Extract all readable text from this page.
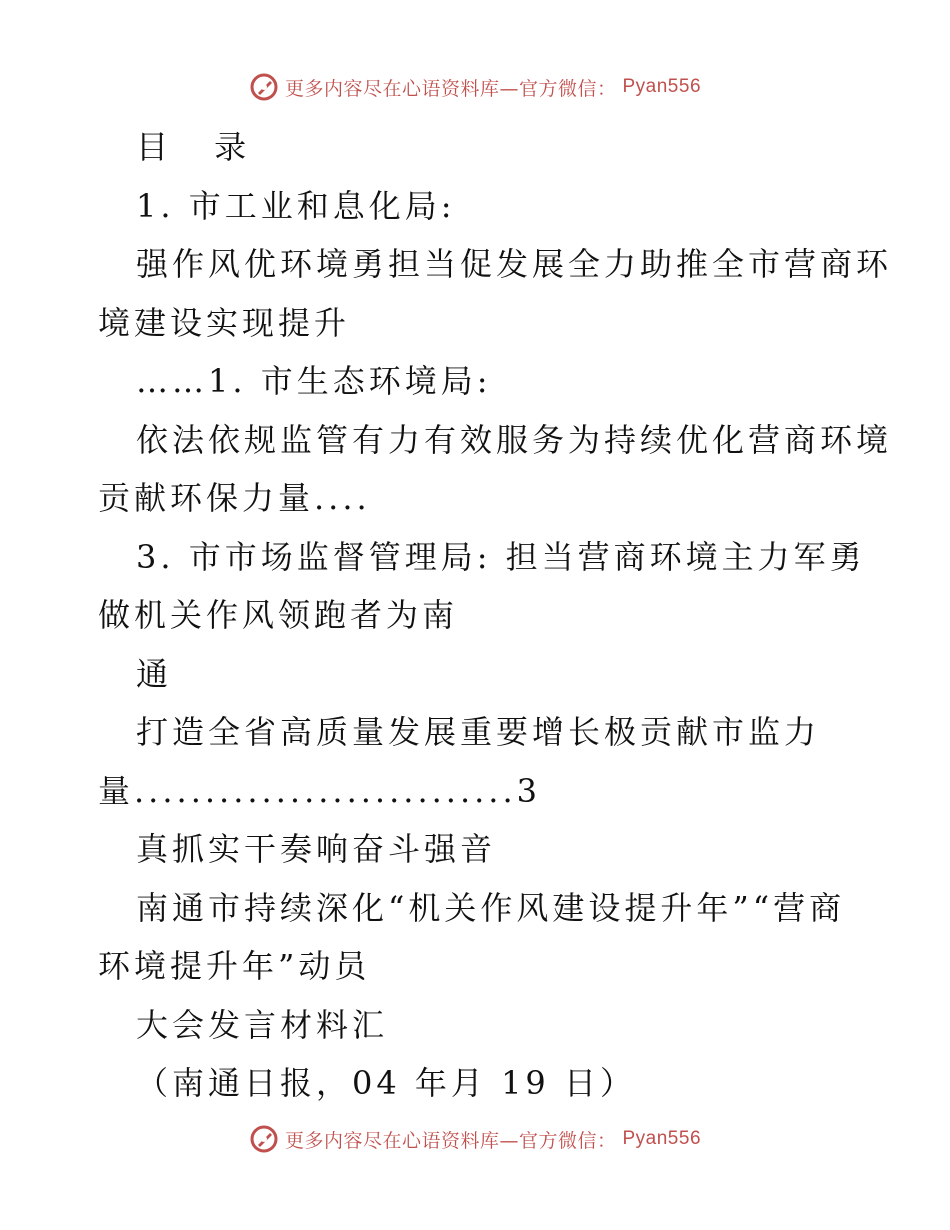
更多内容尽在心语资料库—官方微信： Pyan556
目 录
1. 市工业和息化局:
强作风优环境勇担当促发展全力助推全市营商环
境建设实现提升
……1. 市生态环境局:
依法依规监管有力有效服务为持续优化营商环境
贡献环保力量....
3. 市市场监督管理局: 担当营商环境主力军勇
做机关作风领跑者为南
通
打造全省高质量发展重要增长极贡献市监力
量...........................3
真抓实干奏响奋斗强音
南通市持续深化“机关作风建设提升年”“营商
环境提升年”动员
大会发言材料汇
（南通日报，04 年月 19 日）
更多内容尽在心语资料库—官方微信： Pyan556
